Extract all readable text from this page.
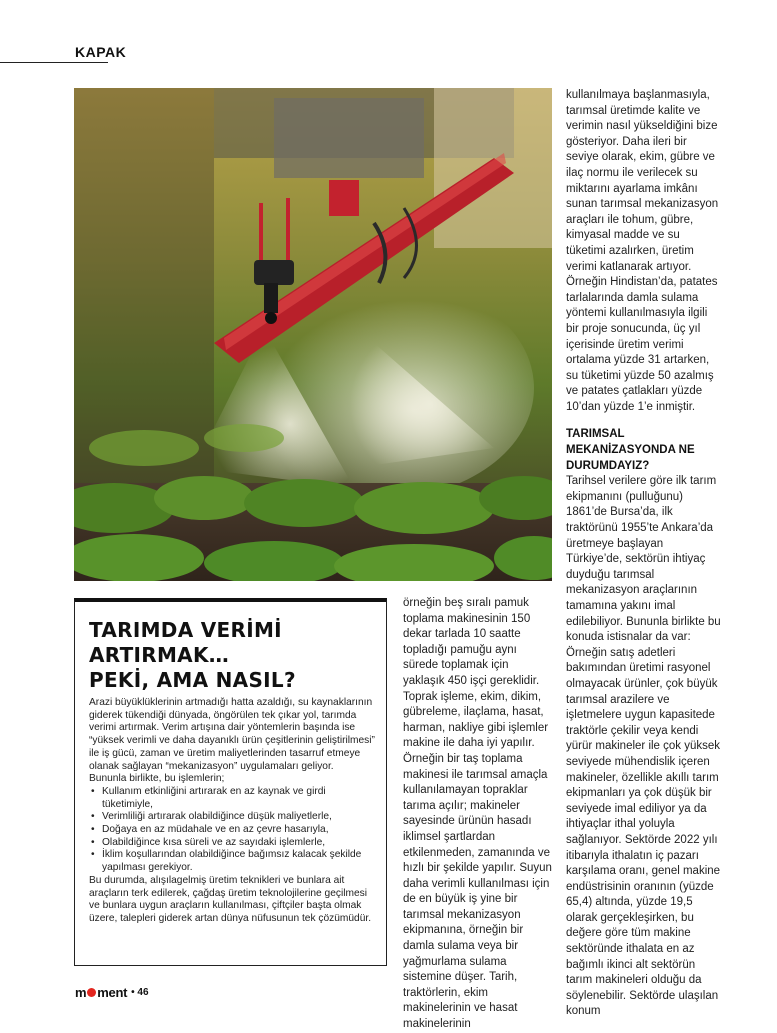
KAPAK
TARIMDA VERİMİ
ARTIRMAK…
PEKİ, AMA NASIL?

Arazi büyüklüklerinin artmadığı hatta azaldığı, su kaynaklarının giderek tükendiği dünyada, öngörülen tek çıkar yol, tarımda verimi artırmak. Verim artışına dair yöntemlerin başında ise “yüksek verimli ve daha dayanıklı ürün çeşitlerinin geliştirilmesi” ile iş gücü, zaman ve üretim maliyetlerinden tasarruf etmeye olanak sağlayan “mekanizasyon” uygulamaları geliyor.

Bununla birlikte, bu işlemlerin;

• Kullanım etkinliğini artırarak en az kaynak ve girdi tüketimiyle,
• Verimliliği artırarak olabildiğince düşük maliyetlerle,
• Doğaya en az müdahale ve en az çevre hasarıyla,
• Olabildiğince kısa süreli ve az sayıdaki işlemlerle,
• İklim koşullarından olabildiğince bağımsız kalacak şekilde yapılması gerekiyor.

Bu durumda, alışılagelmiş üretim teknikleri ve bunlara ait araçların terk edilerek, çağdaş üretim teknolojilerine geçilmesi ve bunlara uygun araçların kullanılması, çiftçiler başta olmak üzere, talepleri giderek artan dünya nüfusunun tek çözümüdür.

örneğin beş sıralı pamuk toplama makinesinin 150 dekar tarlada 10 saatte topladığı pamuğu aynı sürede toplamak için yaklaşık 450 işçi gereklidir. Toprak işleme, ekim, dikim, gübreleme, ilaçlama, hasat, harman, nakliye gibi işlemler makine ile daha iyi yapılır. Örneğin bir taş toplama makinesi ile tarımsal amaçla kullanılamayan topraklar tarıma açılır; makineler sayesinde ürünün hasadı iklimsel şartlardan etkilenmeden, zamanında ve hızlı bir şekilde yapılır. Suyun daha verimli kullanılması için de en büyük iş yine bir tarımsal mekanizasyon ekipmanına, örneğin bir damla sulama veya bir yağmurlama sulama sistemine düşer. Tarih, traktörlerin, ekim makinelerinin ve hasat makinelerinin

kullanılmaya başlanmasıyla, tarımsal üretimde kalite ve verimin nasıl yükseldiğini bize gösteriyor. Daha ileri bir seviye olarak, ekim, gübre ve ilaç normu ile verilecek su miktarını ayarlama imkânı sunan tarımsal mekanizasyon araçları ile tohum, gübre, kimyasal madde ve su tüketimi azalırken, üretim verimi katlanarak artıyor. Örneğin Hindistan’da, patates tarlalarında damla sulama yöntemi kullanılmasıyla ilgili bir proje sonucunda, üç yıl içerisinde üretim verimi ortalama yüzde 31 artarken, su tüketimi yüzde 50 azalmış ve patates çatlakları yüzde 10’dan yüzde 1’e inmiştir.

TARIMSAL MEKANİZASYONDA NE DURUMDAYIZ?

Tarihsel verilere göre ilk tarım ekipmanını (pulluğunu) 1861’de Bursa’da, ilk traktörünü 1955’te Ankara’da üretmeye başlayan Türkiye’de, sektörün ihtiyaç duyduğu tarımsal mekanizasyon araçlarının tamamına yakını imal edilebiliyor. Bununla birlikte bu konuda istisnalar da var: Örneğin satış adetleri bakımından üretimi rasyonel olmayacak ürünler, çok büyük tarımsal arazilere ve işletmelere uygun kapasitede traktörle çekilir veya kendi yürür makineler ile çok yüksek seviyede mühendislik içeren makineler, özellikle akıllı tarım ekipmanları ya çok düşük bir seviyede imal ediliyor ya da ihtiyaçlar ithal yoluyla sağlanıyor. Sektörde 2022 yılı itibarıyla ithalatın iç pazarı karşılama oranı, genel makine endüstrisinin oranının (yüzde 65,4) altında, yüzde 19,5 olarak gerçekleşirken, bu değere göre tüm makine sektöründe ithalata en az bağımlı ikinci alt sektörün tarım makineleri olduğu da söylenebilir. Sektörde ulaşılan konum

m ment • 46
